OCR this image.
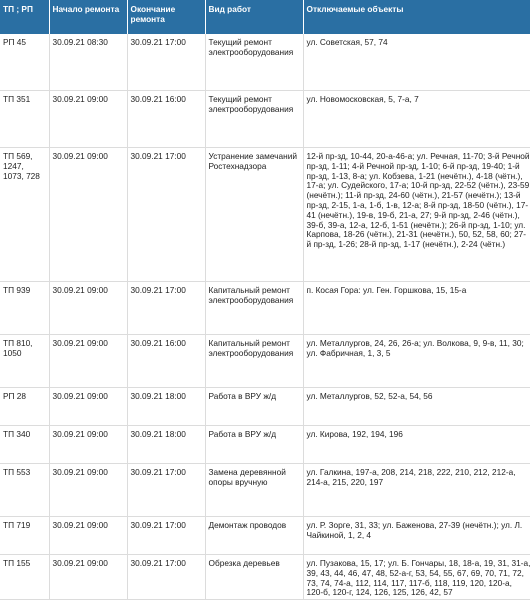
ТП ; РП	Начало ремонта	Окончание ремонта	Вид работ	Отключаемые объекты
РП 45	30.09.21 08:30	30.09.21 17:00	Текущий ремонт электрооборудования	ул. Советская, 57, 74
ТП 351	30.09.21 09:00	30.09.21 16:00	Текущий ремонт электрооборудования	ул. Новомосковская, 5, 7-а, 7
ТП 569, 1247, 1073, 728	30.09.21 09:00	30.09.21 17:00	Устранение замечаний Ростехнадзора	12-й пр-зд, 10-44, 20-а-46-а; ул. Речная, 11-70; 3-й Речной пр-зд, 1-11; 4-й Речной пр-зд, 1-10; 6-й пр-зд, 19-40; 1-й пр-зд, 1-13, 8-а; ул. Кобзева, 1-21 (нечётн.), 4-18 (чётн.), 17-а; ул. Судейского, 17-а; 10-й пр-зд, 22-52 (чётн.), 23-59 (нечётн.); 11-й пр-зд, 24-60 (чётн.), 21-57 (нечётн.); 13-й пр-зд, 2-15, 1-а, 1-б, 1-в, 12-а; 8-й пр-зд, 18-50 (чётн.), 17-41 (нечётн.), 19-в, 19-б, 21-а, 27; 9-й пр-зд, 2-46 (чётн.), 39-б, 39-а, 12-а, 12-б, 1-51 (нечётн.); 26-й пр-зд, 1-10; ул. Карпова, 18-26 (чётн.), 21-31 (нечётн.), 50, 52, 58, 60; 27-й пр-зд, 1-26; 28-й пр-зд, 1-17 (нечётн.), 2-24 (чётн.)
ТП 939	30.09.21 09:00	30.09.21 17:00	Капитальный ремонт электрооборудования	п. Косая Гора: ул. Ген. Горшкова, 15, 15-а
ТП 810, 1050	30.09.21 09:00	30.09.21 16:00	Капитальный ремонт электрооборудования	ул. Металлургов, 24, 26, 26-а; ул. Волкова, 9, 9-в, 11, 30; ул. Фабричная, 1, 3, 5
РП 28	30.09.21 09:00	30.09.21 18:00	Работа в ВРУ ж/д	ул. Металлургов, 52, 52-а, 54, 56
ТП 340	30.09.21 09:00	30.09.21 18:00	Работа в ВРУ ж/д	ул. Кирова, 192, 194, 196
ТП 553	30.09.21 09:00	30.09.21 17:00	Замена деревянной опоры вручную	ул. Галкина, 197-а, 208, 214, 218, 222, 210, 212, 212-а, 214-а, 215, 220, 197
ТП 719	30.09.21 09:00	30.09.21 17:00	Демонтаж проводов	ул. Р. Зорге, 31, 33; ул. Баженова, 27-39 (нечётн.); ул. Л. Чайкиной, 1, 2, 4
ТП 155	30.09.21 09:00	30.09.21 17:00	Обрезка деревьев	ул. Пузакова, 15, 17; ул. Б. Гончары, 18, 18-а, 19, 31, 31-а, 39, 43, 44, 46, 47, 48, 52-а-г, 53, 54, 55, 67, 69, 70, 71, 72, 73, 74, 74-а, 112, 114, 117, 117-б, 118, 119, 120, 120-а, 120-б, 120-г, 124, 126, 125, 126, 42, 57
